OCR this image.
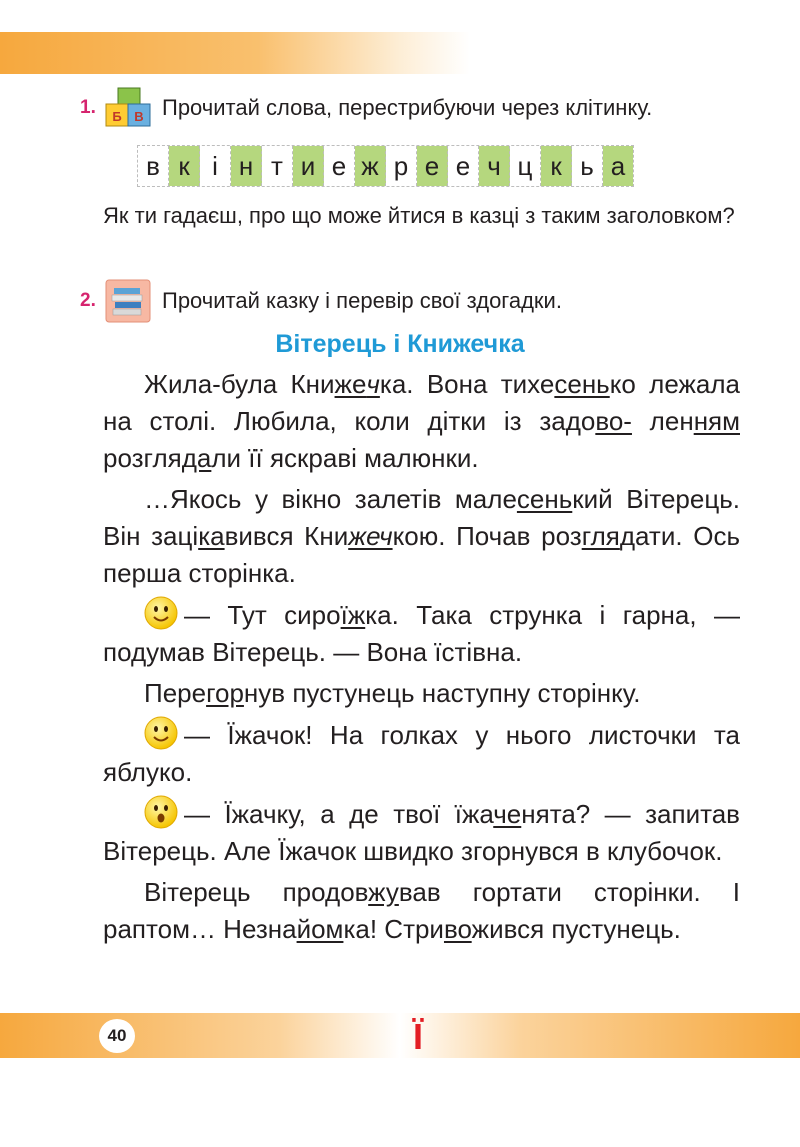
1.	Б В Прочитай слова, перестрибуючи через клітинку.
в к і н т и е ж р е е ч ц к ь а
Як ти гадаєш, про що може йтися в казці з таким заголовком?
2.	Прочитай казку і перевір свої здогадки.
Вітерець і Книжечка

Жила-була Книжечка. Вона тихесенько лежала на столі. Любила, коли дітки із задово- ленням розглядали її яскраві малюнки.

…Якось у вікно залетів малесенький Вітерець. Він зацікавився Книжечкою. Почав розглядати. Ось перша сторінка.

— Тут сироїжка. Така струнка і гарна, — подумав Вітерець. — Вона їстівна.

Перегорнув пустунець наступну сторінку.

— Їжачок! На голках у нього листочки та яблуко.

— Їжачку, а де твої їжаченята? — запитав Вітерець. Але Їжачок швидко згорнувся в клубочок.

Вітерець продовжував гортати сторінки. І раптом… Незнайомка! Стривожився пустунець.

40	Ї
